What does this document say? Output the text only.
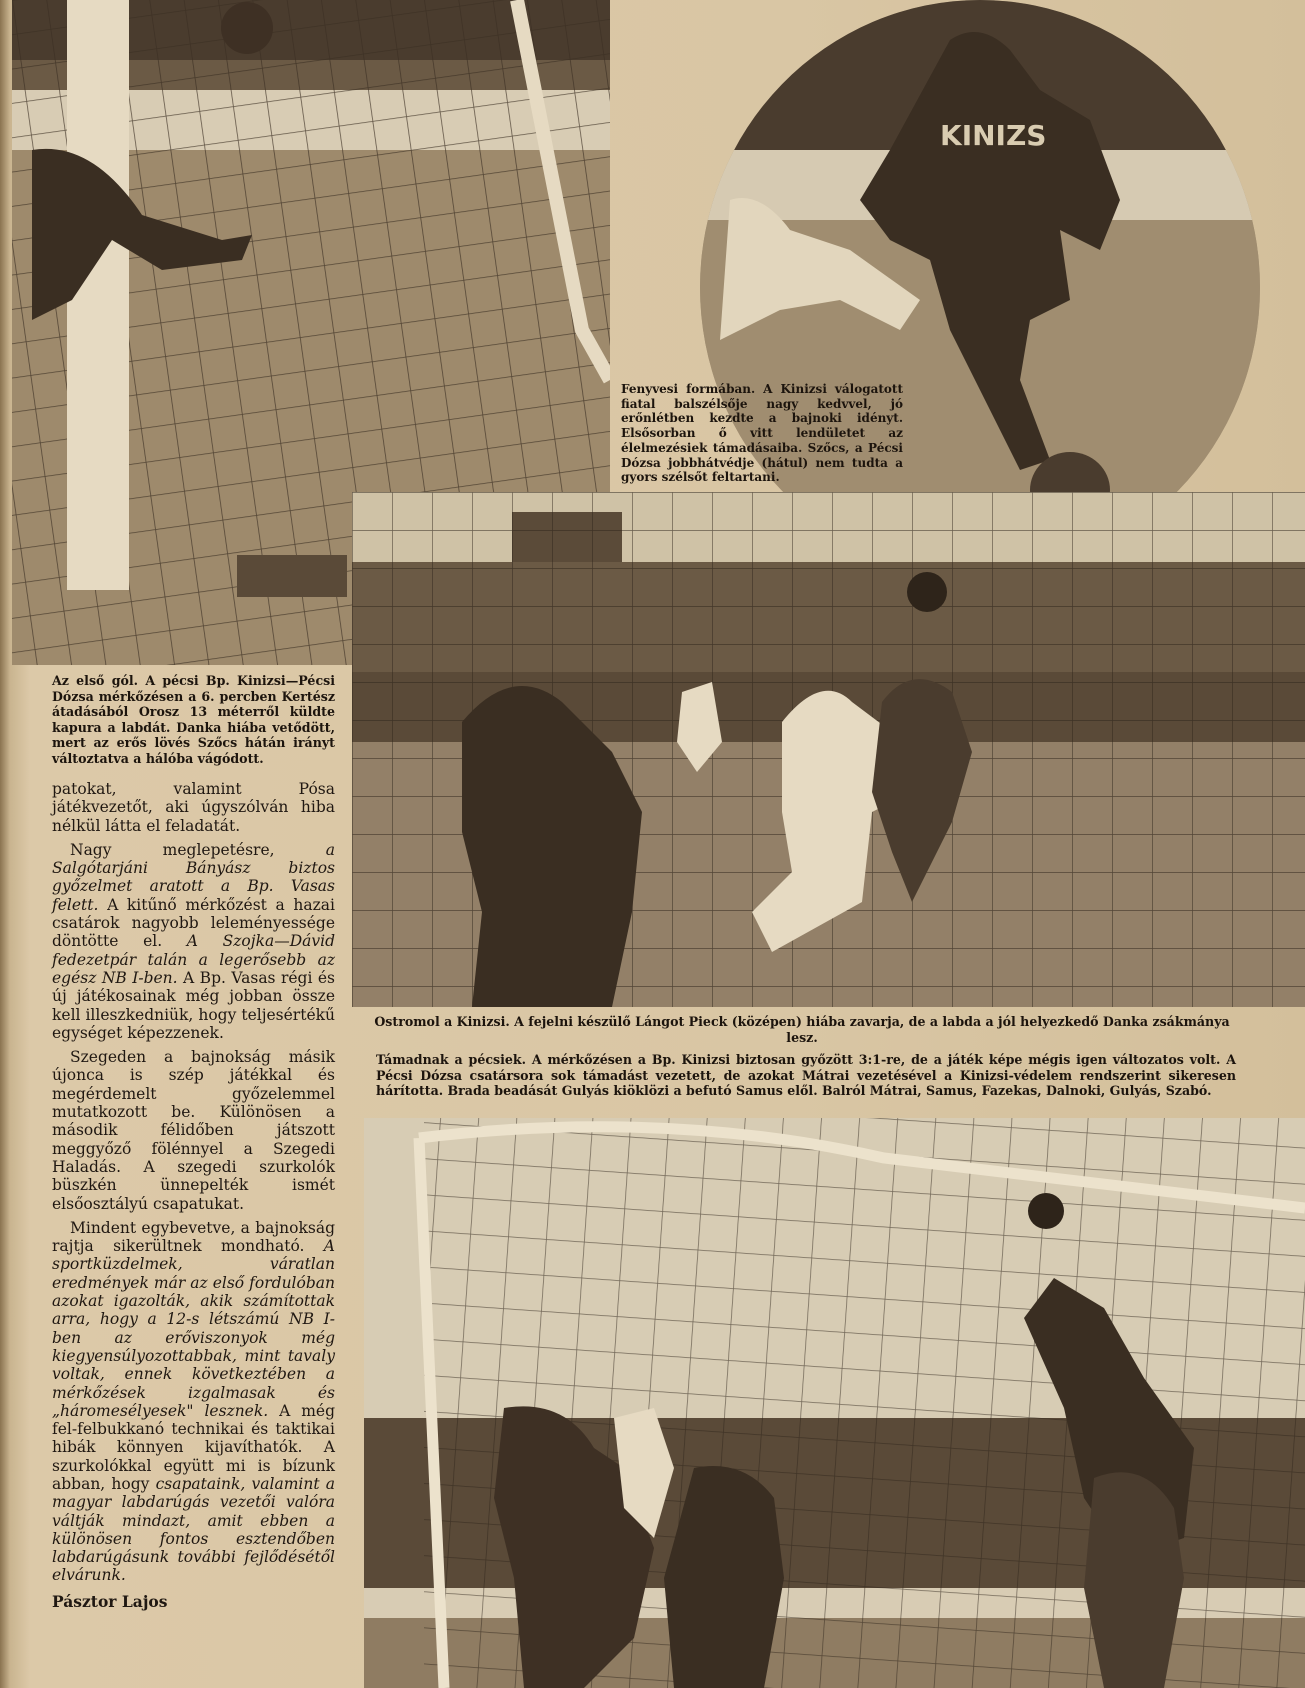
KINIZS
Fenyvesi formában. A Kinizsi válogatott fiatal balszélsője nagy kedvvel, jó erőnlétben kezdte a bajnoki idényt. Elsősorban ő vitt lendületet az élelmezésiek támadásaiba. Szőcs, a Pécsi Dózsa jobbhátvédje (hátul) nem tudta a gyors szélsőt feltartani.
Az első gól. A pécsi Bp. Kinizsi—Pécsi Dózsa mérkőzésen a 6. percben Kertész átadásából Orosz 13 méterről küldte kapura a labdát. Danka hiába vetődött, mert az erős lövés Szőcs hátán irányt változtatva a hálóba vágódott.
Ostromol a Kinizsi. A fejelni készülő Lángot Pieck (középen) hiába zavarja, de a labda a jól helyezkedő Danka zsákmánya lesz.
Támadnak a pécsiek. A mérkőzésen a Bp. Kinizsi biztosan győzött 3:1-re, de a játék képe mégis igen változatos volt. A Pécsi Dózsa csatársora sok támadást vezetett, de azokat Mátrai vezetésével a Kinizsi-védelem rendszerint sikeresen hárította. Brada beadását Gulyás kiöklözi a befutó Samus elől. Balról Mátrai, Samus, Fazekas, Dalnoki, Gulyás, Szabó.

patokat, valamint Pósa játékvezetőt, aki úgyszólván hiba nélkül látta el feladatát.

Nagy meglepetésre, a Salgótarjáni Bányász biztos győzelmet aratott a Bp. Vasas felett. A kitűnő mérkőzést a hazai csatárok nagyobb leleményessége döntötte el. A Szojka—Dávid fedezetpár talán a legerősebb az egész NB I-ben. A Bp. Vasas régi és új játékosainak még jobban össze kell illeszkedniük, hogy teljesértékű egységet képezzenek.

Szegeden a bajnokság másik újonca is szép játékkal és megérdemelt győzelemmel mutatkozott be. Különösen a második félidőben játszott meggyőző fölénnyel a Szegedi Haladás. A szegedi szurkolók büszkén ünnepelték ismét elsőosztályú csapatukat.

Mindent egybevetve, a bajnokság rajtja sikerültnek mondható. A sportküzdelmek, váratlan eredmények már az első fordulóban azokat igazolták, akik számítottak arra, hogy a 12-s létszámú NB I-ben az erőviszonyok még kiegyensúlyozottabbak, mint tavaly voltak, ennek következtében a mérkőzések izgalmasak és „háromesélyesek" lesznek. A még fel-felbukkanó technikai és taktikai hibák könnyen kijavíthatók. A szurkolókkal együtt mi is bízunk abban, hogy csapataink, valamint a magyar labdarúgás vezetői valóra váltják mindazt, amit ebben a különösen fontos esztendőben labdarúgásunk további fejlődésétől elvárunk.

Pásztor Lajos
